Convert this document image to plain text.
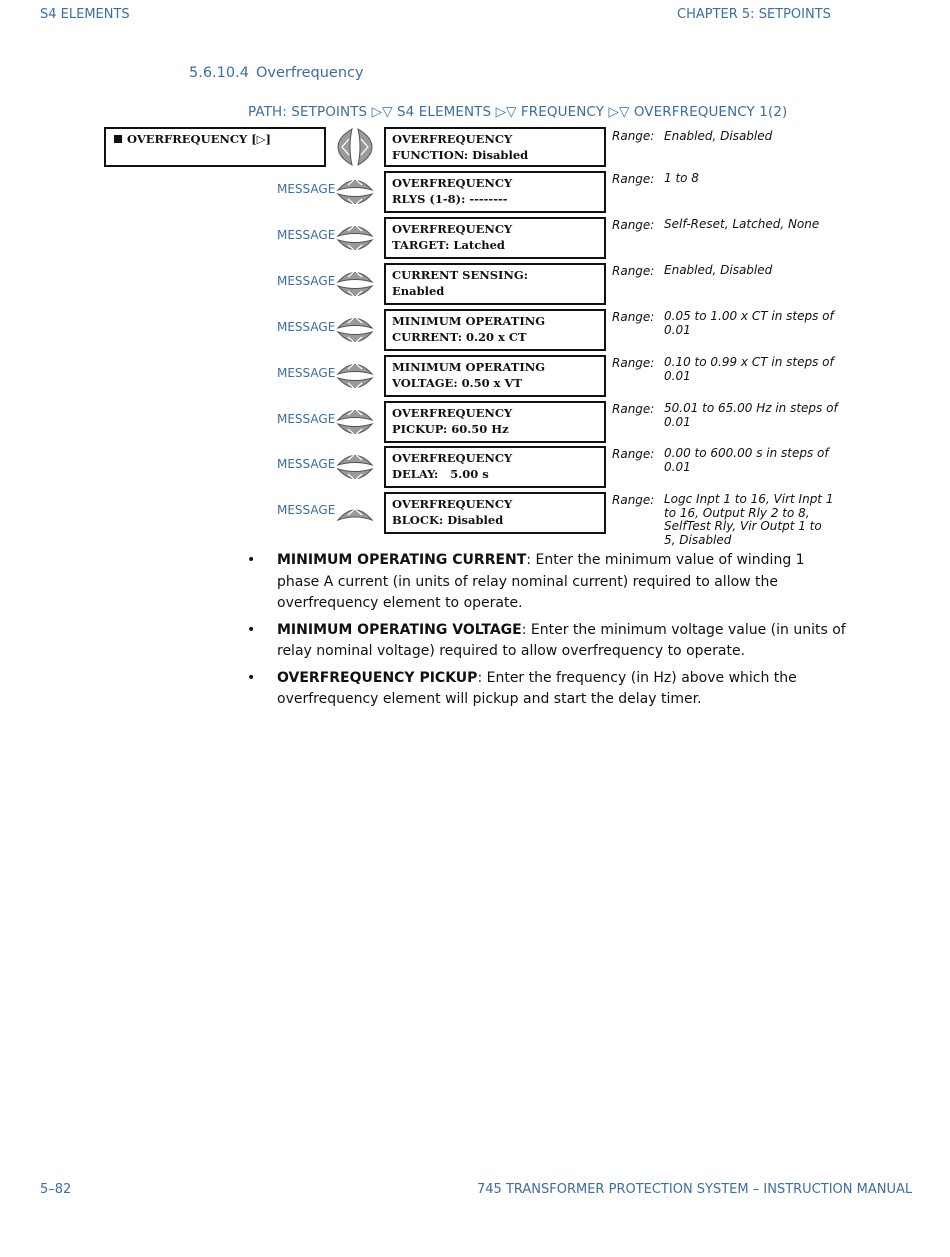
S4 ELEMENTS	CHAPTER 5: SETPOINTS
5.6.10.4 Overfrequency
PATH: SETPOINTS ▷▽ S4 ELEMENTS ▷▽ FREQUENCY ▷▽ OVERFREQUENCY 1(2)
OVERFREQUENCY [▷]	OVERFREQUENCY
FUNCTION: Disabled
Range: Enabled, Disabled
MESSAGE	OVERFREQUENCY
RLYS (1-8): --------
Range: 1 to 8
MESSAGE	OVERFREQUENCY
TARGET: Latched
Range: Self-Reset, Latched, None
MESSAGE	CURRENT SENSING:
Enabled
Range: Enabled, Disabled
MESSAGE	MINIMUM OPERATING
CURRENT: 0.20 x CT
Range: 0.05 to 1.00 x CT in steps of 0.01
MESSAGE	MINIMUM OPERATING
VOLTAGE: 0.50 x VT
Range: 0.10 to 0.99 x CT in steps of 0.01
MESSAGE	OVERFREQUENCY
PICKUP: 60.50 Hz
Range: 50.01 to 65.00 Hz in steps of 0.01
MESSAGE	OVERFREQUENCY
DELAY:   5.00 s
Range: 0.00 to 600.00 s in steps of 0.01
MESSAGE	OVERFREQUENCY
BLOCK: Disabled
Range: Logc Inpt 1 to 16, Virt Inpt 1 to 16, Output Rly 2 to 8, SelfTest Rly, Vir Outpt 1 to 5, Disabled
• MINIMUM OPERATING CURRENT: Enter the minimum value of winding 1 phase A current (in units of relay nominal current) required to allow the overfrequency element to operate.
• MINIMUM OPERATING VOLTAGE: Enter the minimum voltage value (in units of relay nominal voltage) required to allow overfrequency to operate.
• OVERFREQUENCY PICKUP: Enter the frequency (in Hz) above which the overfrequency element will pickup and start the delay timer.
5–82	745 TRANSFORMER PROTECTION SYSTEM – INSTRUCTION MANUAL
